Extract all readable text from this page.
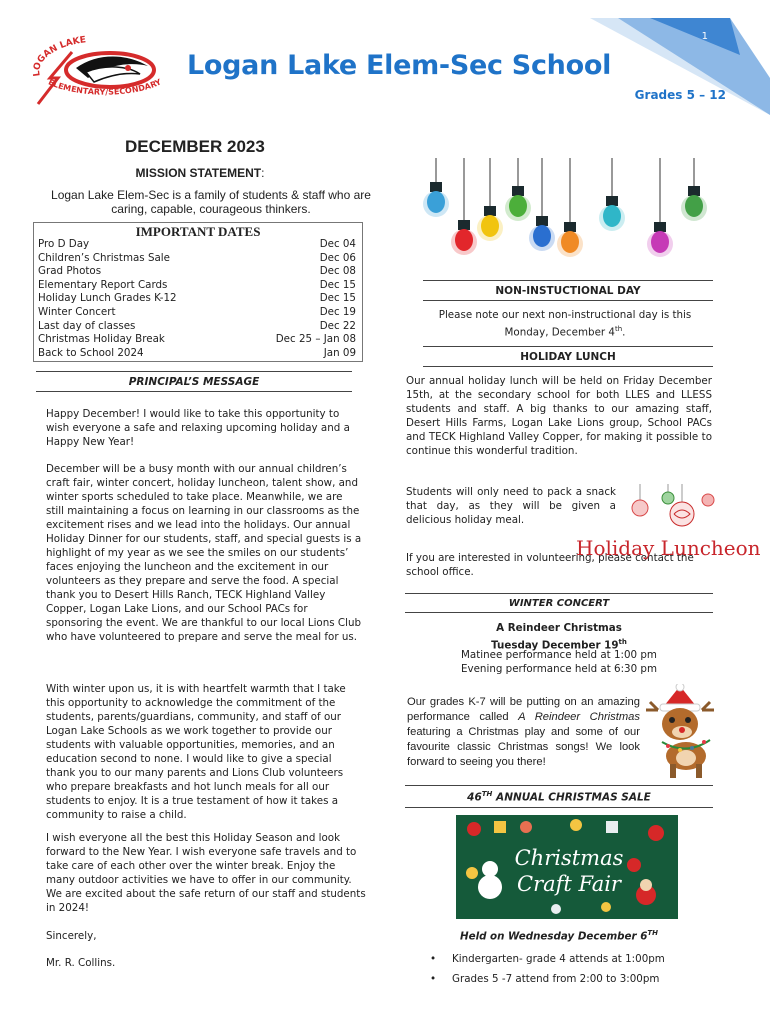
1
LOGAN LAKE
ELEMENTARY/SECONDARY
Logan Lake Elem-Sec School
Grades 5 – 12
DECEMBER 2023
MISSION STATEMENT:
Logan Lake Elem-Sec is a family of students & staff who are caring, capable, courageous thinkers.
IMPORTANT DATES
Pro D Day	Dec 04
Children’s Christmas Sale	Dec 06
Grad Photos	Dec 08
Elementary Report Cards	Dec 15
Holiday Lunch Grades K-12	Dec 15
Winter Concert	Dec 19
Last day of classes	Dec 22
Christmas Holiday Break	Dec 25 – Jan 08
Back to School 2024	Jan 09
PRINCIPAL’S MESSAGE
Happy December! I would like to take this opportunity to wish everyone a safe and relaxing upcoming holiday and a Happy New Year!
December will be a busy month with our annual children’s craft fair, winter concert, holiday luncheon, talent show, and winter sports scheduled to take place. Meanwhile, we are still maintaining a focus on learning in our classrooms as the excitement rises and we lead into the holidays. Our annual Holiday Dinner for our students, staff, and special guests is a highlight of my year as we see the smiles on our students’ faces enjoying the luncheon and the excitement in our volunteers as they prepare and serve the food. A special thank you to Desert Hills Ranch, TECK Highland Valley Copper, Logan Lake Lions, and our School PACs for sponsoring the event. We are thankful to our local Lions Club who have volunteered to prepare and serve the meal for us.
With winter upon us, it is with heartfelt warmth that I take this opportunity to acknowledge the commitment of the students, parents/guardians, community, and staff of our Logan Lake Schools as we work together to provide our students with valuable opportunities, memories, and an education second to none. I would like to give a special thank you to our many parents and Lions Club volunteers who prepare breakfasts and hot lunch meals for all our students to enjoy. It is a true testament of how it takes a community to raise a child.
I wish everyone all the best this Holiday Season and look forward to the New Year. I wish everyone safe travels and to take care of each other over the winter break. Enjoy the many outdoor activities we have to offer in our community. We are excited about the safe return of our staff and students in 2024!
Sincerely,
Mr. R. Collins.
NON-INSTUCTIONAL DAY
Please note our next non-instructional day is this Monday, December 4th.
HOLIDAY LUNCH
Our annual holiday lunch will be held on Friday December 15th, at the secondary school for both LLES and LLESS students and staff. A big thanks to our amazing staff, Desert Hills Farms, Logan Lake Lions group, School PACs and TECK Highland Valley Copper, for making it possible to continue this wonderful tradition.
Students will only need to pack a snack that day, as they will be given a delicious holiday meal.
If you are interested in volunteering, please contact the school office.
Holiday Luncheon
WINTER CONCERT
A Reindeer Christmas
Tuesday December 19th
Matinee performance held at 1:00 pm
Evening performance held at 6:30 pm
Our grades K-7 will be putting on an amazing performance called A Reindeer Christmas featuring a Christmas play and some of our favourite classic Christmas songs! We look forward to seeing you there!
46TH ANNUAL CHRISTMAS SALE
Christmas
Craft Fair
Held on Wednesday December 6TH
• Kindergarten- grade 4 attends at 1:00pm
• Grades 5 -7 attend from 2:00 to 3:00pm
